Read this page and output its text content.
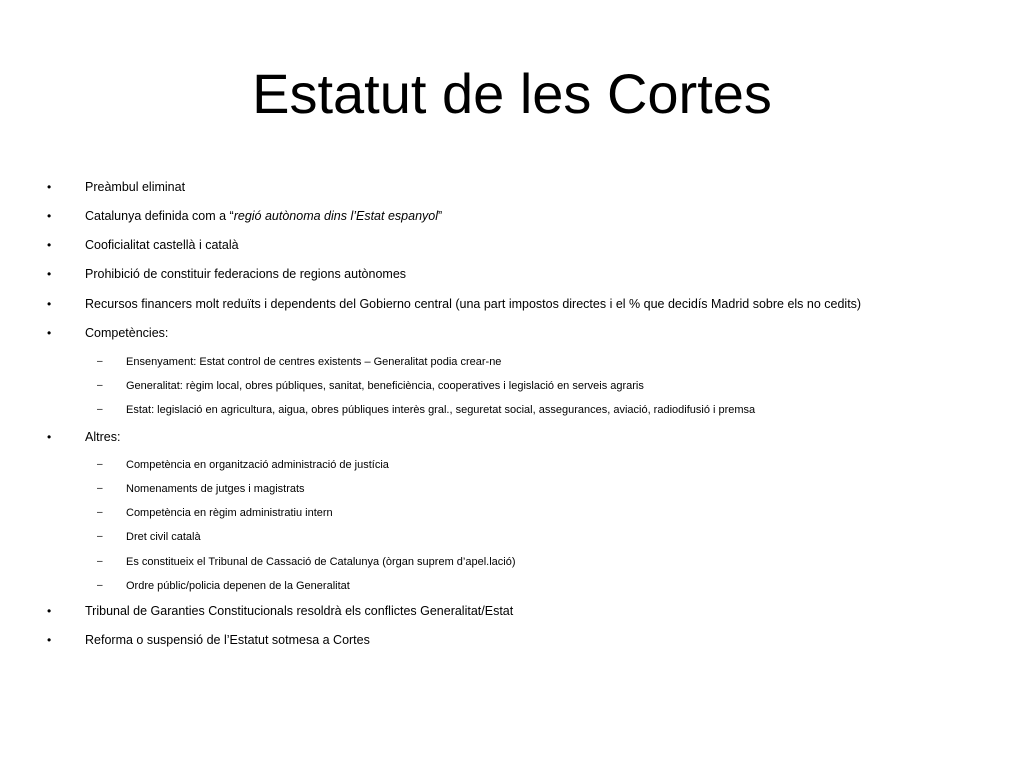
Estatut de les Cortes
•	Preàmbul eliminat
•	Catalunya definida com a “regió autònoma dins l’Estat espanyol”
•	Cooficialitat castellà i català
•	Prohibició de constituir federacions de regions autònomes
•	Recursos financers molt reduïts i dependents del Gobierno central (una part impostos directes i el % que decidís Madrid sobre els no cedits)
•	Competències:
– Ensenyament: Estat control de centres existents – Generalitat podia crear-ne
– Generalitat: règim local, obres públiques, sanitat, beneficiència, cooperatives i legislació en serveis agraris
– Estat: legislació en agricultura, aigua, obres públiques interès gral., seguretat social, assegurances, aviació, radiodifusió i premsa
•	Altres:
– Competència en organització administració de justícia
– Nomenaments de jutges i magistrats
– Competència en règim administratiu intern
– Dret civil català
– Es constitueix el Tribunal de Cassació de Catalunya (òrgan suprem d’apel.lació)
– Ordre públic/policia depenen de la Generalitat
•	Tribunal de Garanties Constitucionals resoldrà els conflictes Generalitat/Estat
•	Reforma o suspensió de l’Estatut sotmesa a Cortes
